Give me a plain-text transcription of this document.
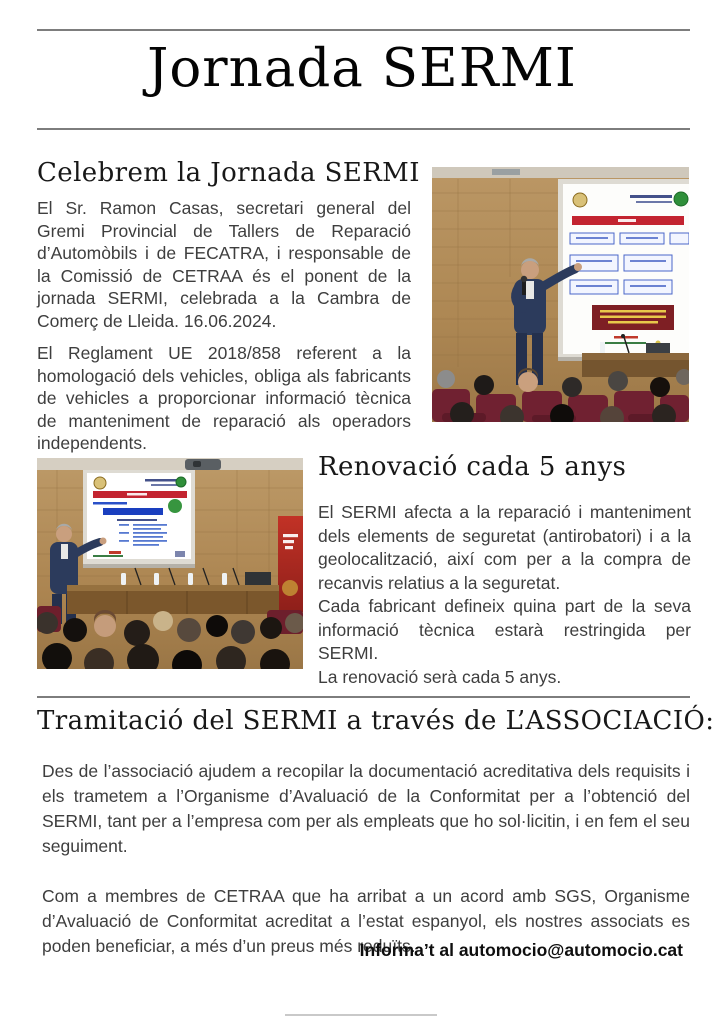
Jornada SERMI
Celebrem la Jornada SERMI

El Sr. Ramon Casas, secretari general del Gremi Provincial de Tallers de Reparació d’Automòbils i de FECATRA, i responsable de la Comissió de CETRAA és el ponent de la jornada SERMI, celebrada a la Cambra de Comerç de Lleida. 16.06.2024.

El Reglament UE 2018/858 referent a la homologació dels vehicles, obliga als fabricants de vehicles a proporcionar informació tècnica de manteniment de reparació als operadors independents.

Renovació cada 5 anys

El SERMI afecta a la reparació i manteniment dels elements de seguretat (antirobatori) i a la geolocalització, així com per a la compra de recanvis relatius a la seguretat.

Cada fabricant defineix quina part de la seva informació tècnica estarà restringida per SERMI.

La renovació serà cada 5 anys.

Tramitació del SERMI a través de L’ASSOCIACIÓ:

Des de l’associació ajudem a recopilar la documentació acreditativa dels requisits i els trametem a l’Organisme d’Avaluació de la Conformitat per a l’obtenció del SERMI, tant per a l’empresa com per als empleats que ho sol·licitin, i en fem el seu seguiment.

Com a membres de CETRAA que ha arribat a un acord amb SGS, Organisme d’Avaluació de Conformitat acreditat a l’estat espanyol, els nostres associats es poden beneficiar, a més d’un preus més reduïts.

Informa’t al automocio@automocio.cat
